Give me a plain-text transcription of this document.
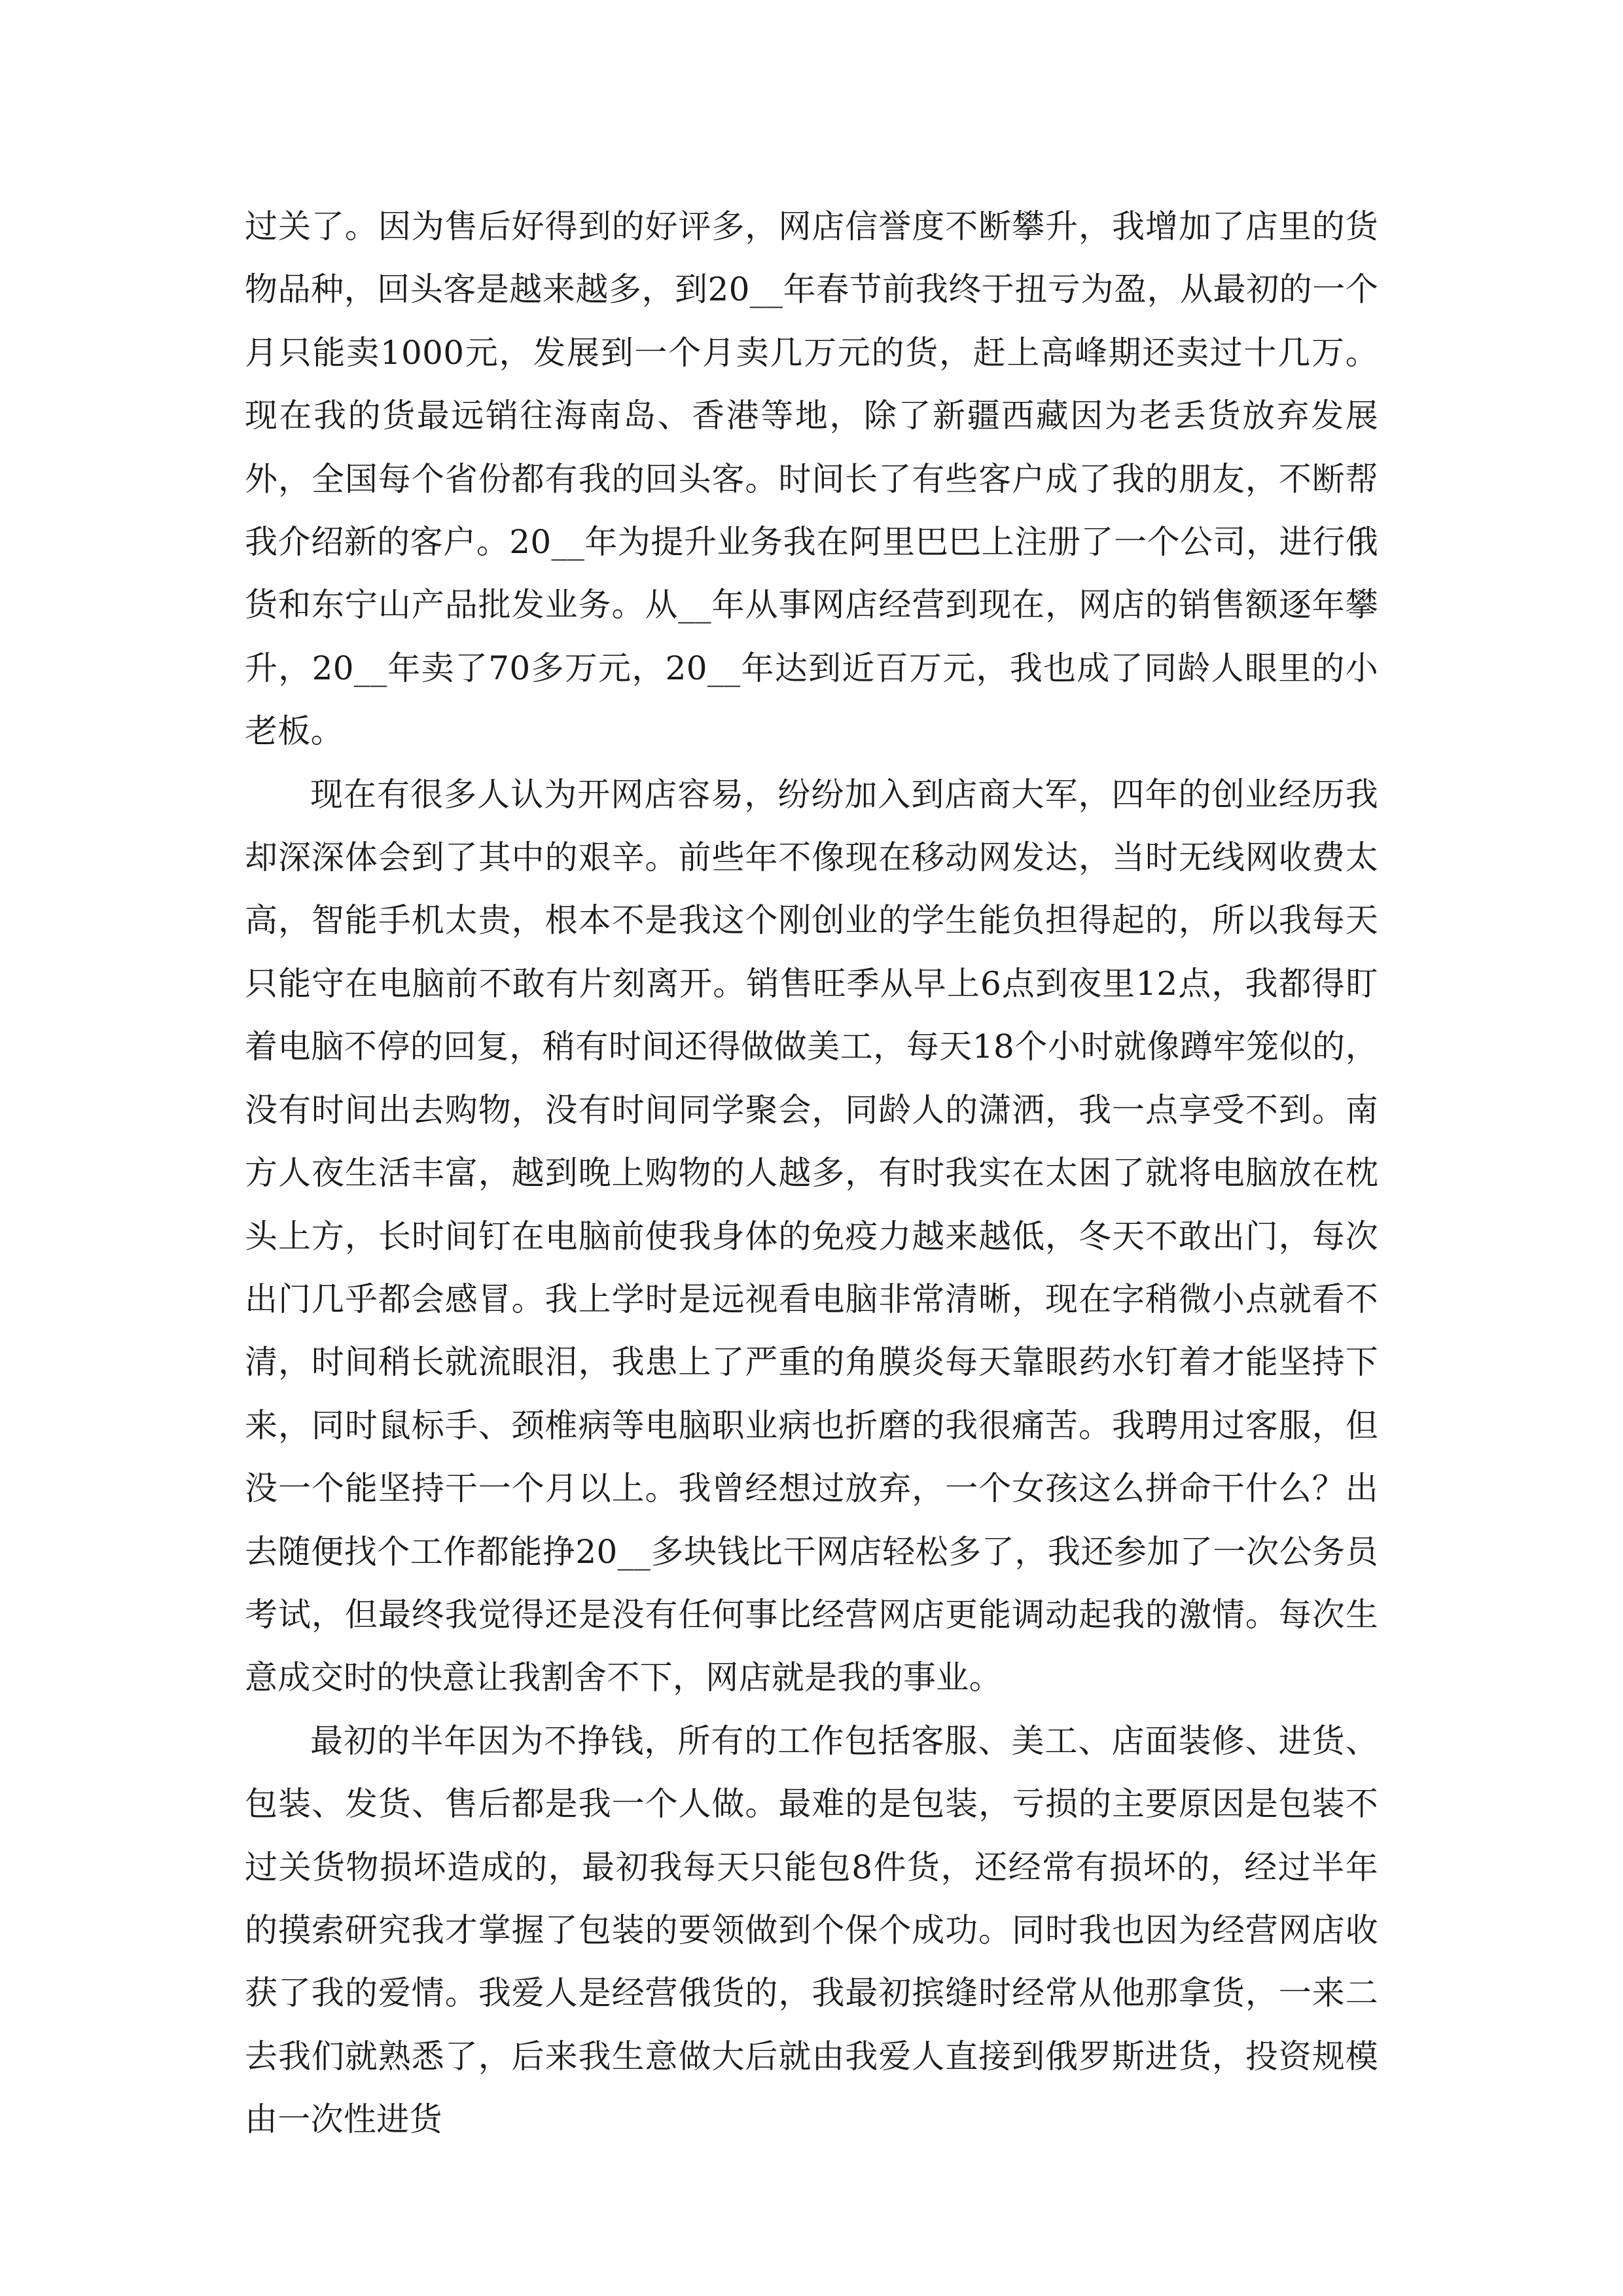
过关了。因为售后好得到的好评多，网店信誉度不断攀升，我增加了店里的货物品种，回头客是越来越多，到20__年春节前我终于扭亏为盈，从最初的一个月只能卖1000元，发展到一个月卖几万元的货，赶上高峰期还卖过十几万。现在我的货最远销往海南岛、香港等地，除了新疆西藏因为老丢货放弃发展外，全国每个省份都有我的回头客。时间长了有些客户成了我的朋友，不断帮我介绍新的客户。20__年为提升业务我在阿里巴巴上注册了一个公司，进行俄货和东宁山产品批发业务。从__年从事网店经营到现在，网店的销售额逐年攀升，20__年卖了70多万元，20__年达到近百万元，我也成了同龄人眼里的小老板。

现在有很多人认为开网店容易，纷纷加入到店商大军，四年的创业经历我却深深体会到了其中的艰辛。前些年不像现在移动网发达，当时无线网收费太高，智能手机太贵，根本不是我这个刚创业的学生能负担得起的，所以我每天只能守在电脑前不敢有片刻离开。销售旺季从早上6点到夜里12点，我都得盯着电脑不停的回复，稍有时间还得做做美工，每天18个小时就像蹲牢笼似的，没有时间出去购物，没有时间同学聚会，同龄人的潇洒，我一点享受不到。南方人夜生活丰富，越到晚上购物的人越多，有时我实在太困了就将电脑放在枕头上方，长时间钉在电脑前使我身体的免疫力越来越低，冬天不敢出门，每次出门几乎都会感冒。我上学时是远视看电脑非常清晰，现在字稍微小点就看不清，时间稍长就流眼泪，我患上了严重的角膜炎每天靠眼药水钉着才能坚持下来，同时鼠标手、颈椎病等电脑职业病也折磨的我很痛苦。我聘用过客服，但没一个能坚持干一个月以上。我曾经想过放弃，一个女孩这么拼命干什么？出去随便找个工作都能挣20__多块钱比干网店轻松多了，我还参加了一次公务员考试，但最终我觉得还是没有任何事比经营网店更能调动起我的激情。每次生意成交时的快意让我割舍不下，网店就是我的事业。

最初的半年因为不挣钱，所有的工作包括客服、美工、店面装修、进货、包装、发货、售后都是我一个人做。最难的是包装，亏损的主要原因是包装不过关货物损坏造成的，最初我每天只能包8件货，还经常有损坏的，经过半年的摸索研究我才掌握了包装的要领做到个保个成功。同时我也因为经营网店收获了我的爱情。我爱人是经营俄货的，我最初摈缝时经常从他那拿货，一来二去我们就熟悉了，后来我生意做大后就由我爱人直接到俄罗斯进货，投资规模由一次性进货
